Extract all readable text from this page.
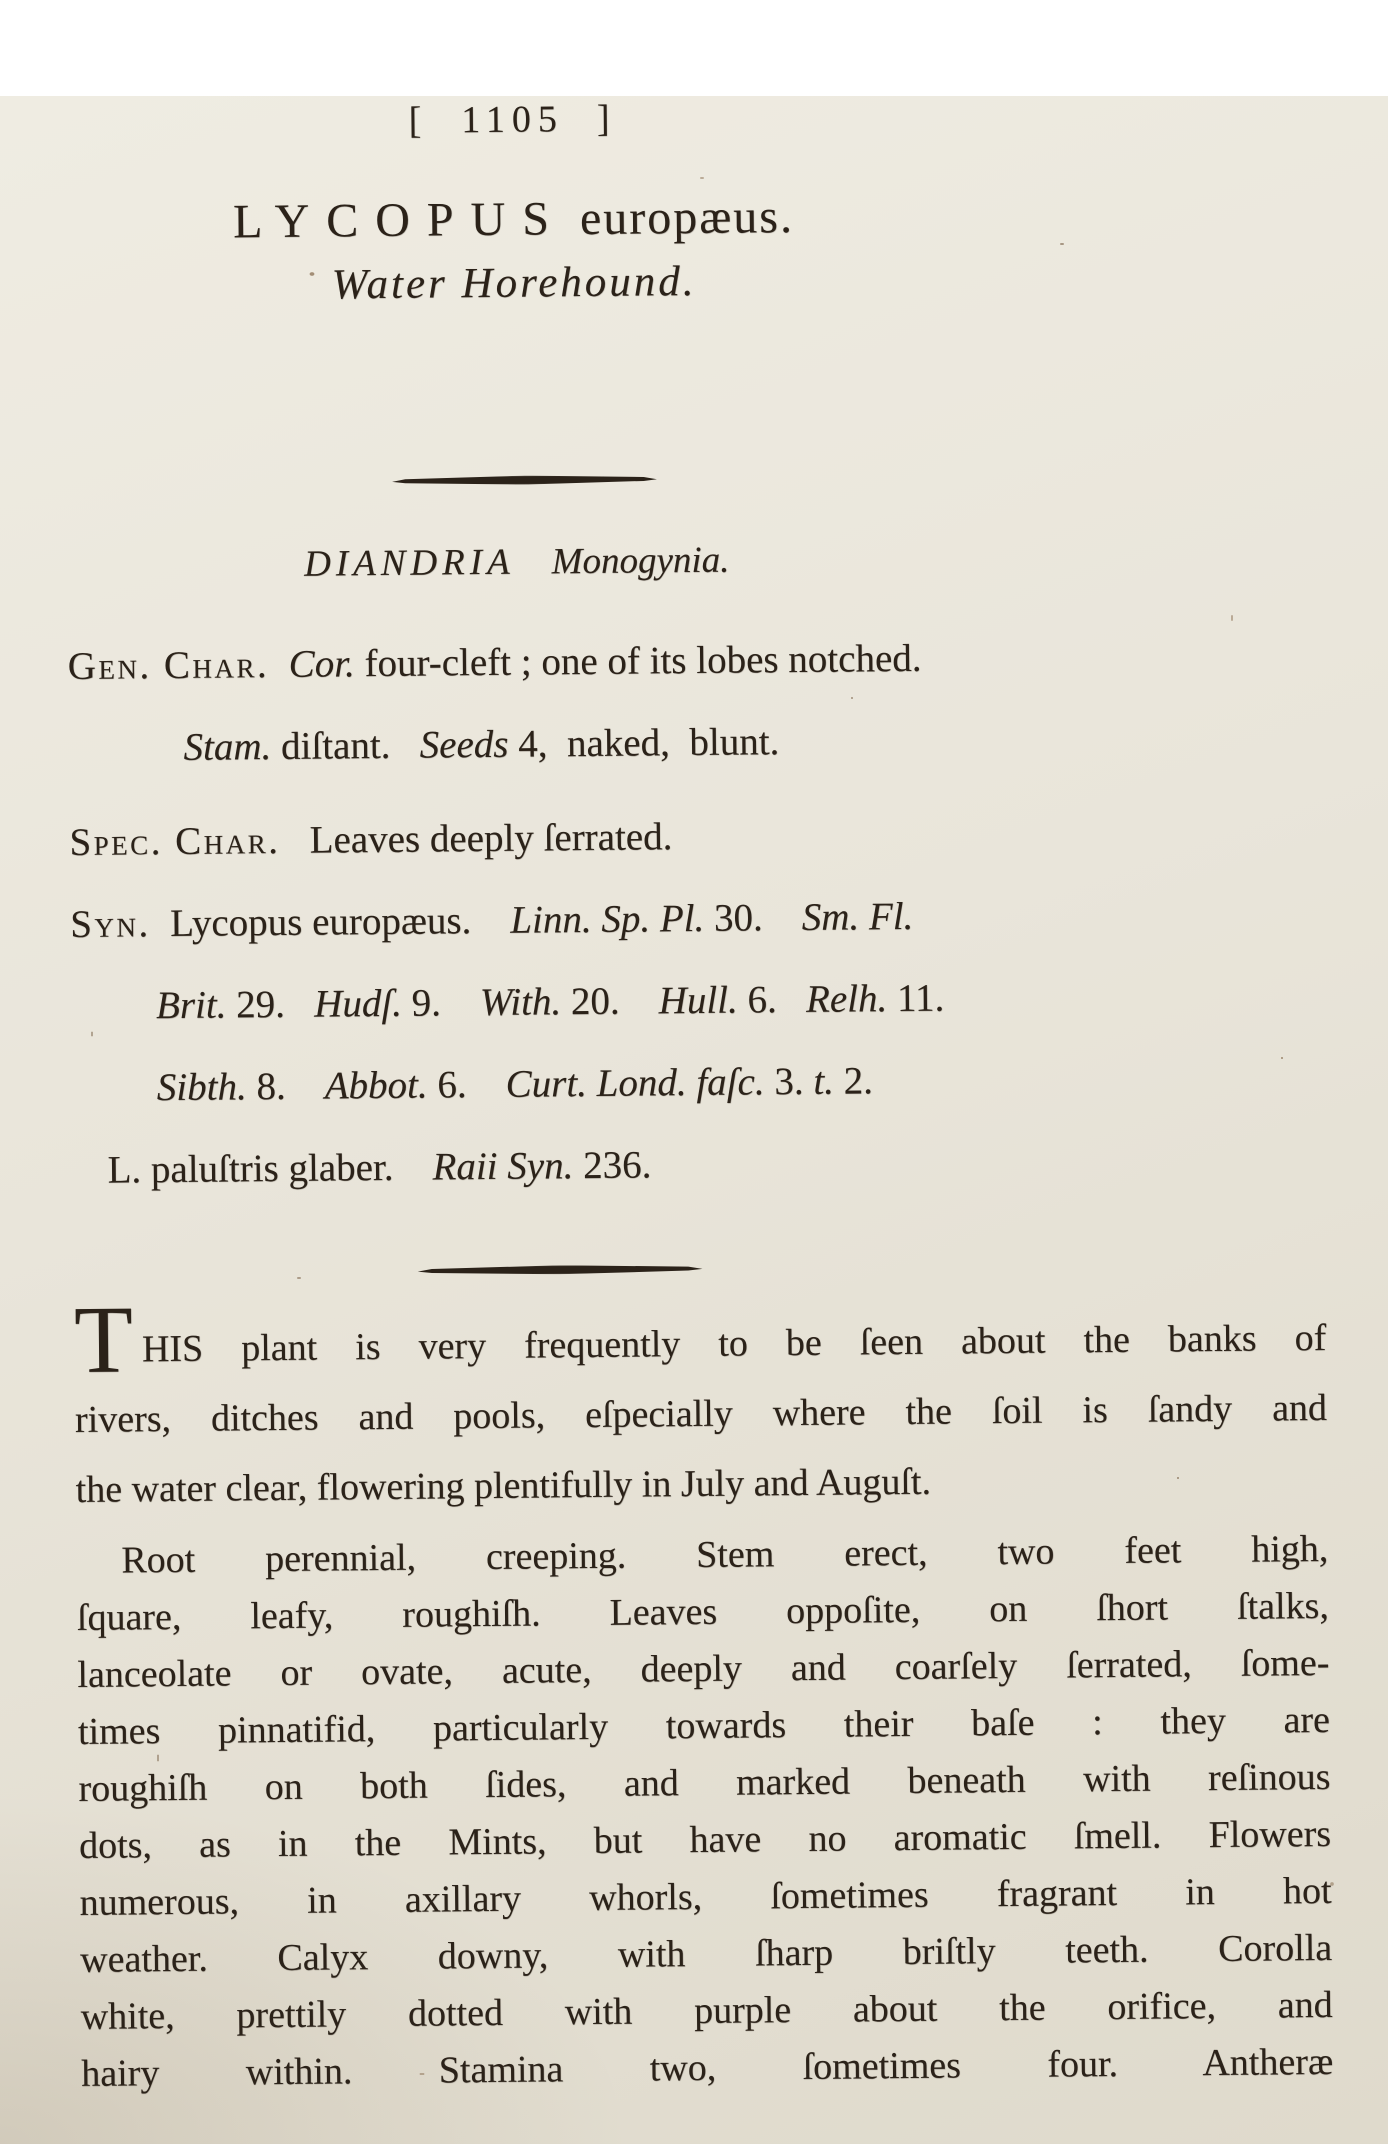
[  1105  ]
LYCOPUS europæus.
Water Horehound.
DIANDRIA Monogynia.
Gen. Char. Cor. four-cleft ; one of its lobes notched.
Stam. diſtant.   Seeds 4,  naked,  blunt.
Spec. Char.   Leaves deeply ſerrated.
Syn.  Lycopus europæus.    Linn. Sp. Pl. 30.    Sm. Fl.
Brit. 29.   Hudſ. 9.    With. 20.    Hull. 6.   Relh. 11.
Sibth. 8.    Abbot. 6.    Curt. Lond. faſc. 3. t. 2.
L. paluſtris glaber.    Raii Syn. 236.
THIS plant is very frequently to be ſeen about the banks of
rivers, ditches and pools, eſpecially where the ſoil is ſandy and
the water clear, flowering plentifully in July and Auguſt.
Root perennial, creeping. Stem erect, two feet high,
ſquare, leafy, roughiſh. Leaves oppoſite, on ſhort ſtalks,
lanceolate or ovate, acute, deeply and coarſely ſerrated, ſome-
times pinnatifid, particularly towards their baſe : they are
roughiſh on both ſides, and marked beneath with reſinous
dots, as in the Mints, but have no aromatic ſmell. Flowers
numerous, in axillary whorls, ſometimes fragrant in hot
weather. Calyx downy, with ſharp briſtly teeth. Corolla
white, prettily dotted with purple about the orifice, and
hairy within. Stamina two, ſometimes four. Antheræ
